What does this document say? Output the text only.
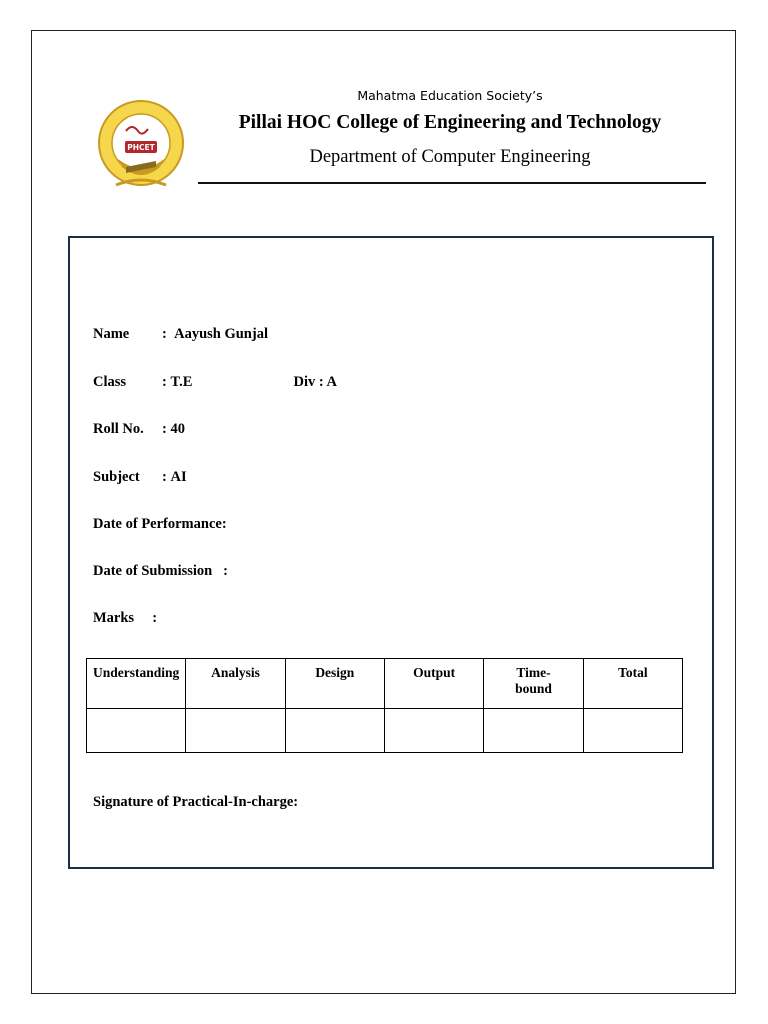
PHCET
Mahatma Education Society’s
Pillai HOC College of Engineering and Technology
Department of Computer Engineering
Name : Aayush Gunjal
Class : T.E	Div : A
Roll No. : 40
Subject : AI
Date of Performance:
Date of Submission   :
Marks     :
Understanding	Analysis	Design	Output	Time-bound	Total

Signature of Practical-In-charge:
